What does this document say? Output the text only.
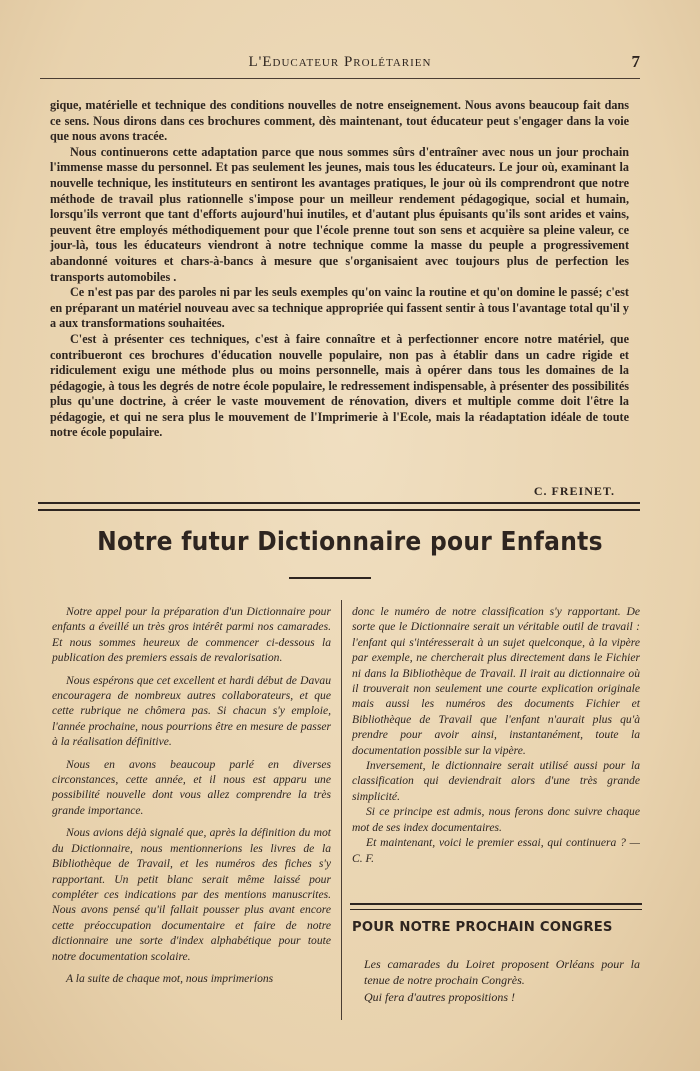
L'Educateur Prolétarien	7

gique, matérielle et technique des conditions nouvelles de notre enseignement. Nous avons beaucoup fait dans ce sens. Nous dirons dans ces brochures comment, dès maintenant, tout éducateur peut s'engager dans la voie que nous avons tracée.

Nous continuerons cette adaptation parce que nous sommes sûrs d'entraîner avec nous un jour prochain l'immense masse du personnel. Et pas seulement les jeunes, mais tous les éducateurs. Le jour où, examinant la nouvelle technique, les instituteurs en sentiront les avantages pratiques, le jour où ils comprendront que notre méthode de travail plus rationnelle s'impose pour un meilleur rendement pédagogique, social et humain, lorsqu'ils verront que tant d'efforts aujourd'hui inutiles, et d'autant plus épuisants qu'ils sont arides et vains, peuvent être employés méthodiquement pour que l'école prenne tout son sens et acquière sa pleine valeur, ce jour-là, tous les éducateurs viendront à notre technique comme la masse du peuple a progressivement abandonné voitures et chars-à-bancs à mesure que s'organisaient avec toujours plus de perfection les transports automobiles .

Ce n'est pas par des paroles ni par les seuls exemples qu'on vainc la routine et qu'on domine le passé; c'est en préparant un matériel nouveau avec sa technique appropriée qui fassent sentir à tous l'avantage total qu'il y a aux transformations souhaitées.

C'est à présenter ces techniques, c'est à faire connaître et à perfectionner encore notre matériel, que contribueront ces brochures d'éducation nouvelle populaire, non pas à établir dans un cadre rigide et ridiculement exigu une méthode plus ou moins personnelle, mais à opérer dans tous les domaines de la pédagogie, à tous les degrés de notre école populaire, le redressement indispensable, à présenter des possibilités plus qu'une doctrine, à créer le vaste mouvement de rénovation, divers et multiple comme doit l'être la pédagogie, et qui ne sera plus le mouvement de l'Imprimerie à l'Ecole, mais la réadaptation idéale de toute notre école populaire.

C. FREINET.
Notre futur Dictionnaire pour Enfants

Notre appel pour la préparation d'un Dictionnaire pour enfants a éveillé un très gros intérêt parmi nos camarades. Et nous sommes heureux de commencer ci-dessous la publication des premiers essais de revalorisation.

Nous espérons que cet excellent et hardi début de Davau encouragera de nombreux autres collaborateurs, et que cette rubrique ne chômera pas. Si chacun s'y emploie, l'année prochaine, nous pourrions être en mesure de passer à la réalisation définitive.

Nous en avons beaucoup parlé en diverses circonstances, cette année, et il nous est apparu une possibilité nouvelle dont vous allez comprendre la très grande importance.

Nous avions déjà signalé que, après la définition du mot du Dictionnaire, nous mentionnerions les livres de la Bibliothèque de Travail, et les numéros des fiches s'y rapportant. Un petit blanc serait même laissé pour compléter ces indications par des mentions manuscrites. Nous avons pensé qu'il fallait pousser plus avant encore cette préoccupation documentaire et faire de notre dictionnaire une sorte d'index alphabétique pour toute notre documentation scolaire.

A la suite de chaque mot, nous imprimerions

donc le numéro de notre classification s'y rapportant. De sorte que le Dictionnaire serait un véritable outil de travail : l'enfant qui s'intéresserait à un sujet quelconque, à la vipère par exemple, ne chercherait plus directement dans le Fichier ni dans la Bibliothèque de Travail. Il irait au dictionnaire où il trouverait non seulement une courte explication originale mais aussi les numéros des documents Fichier et Bibliothèque de Travail que l'enfant n'aurait plus qu'à prendre pour avoir ainsi, instantanément, toute la documentation possible sur la vipère.

Inversement, le dictionnaire serait utilisé aussi pour la classification qui deviendrait alors d'une très grande simplicité.

Si ce principe est admis, nous ferons donc suivre chaque mot de ses index documentaires.

Et maintenant, voici le premier essai, qui continuera ? — C. F.

POUR NOTRE PROCHAIN CONGRES
Les camarades du Loiret proposent Orléans pour la tenue de notre prochain Congrès.
Qui fera d'autres propositions !
